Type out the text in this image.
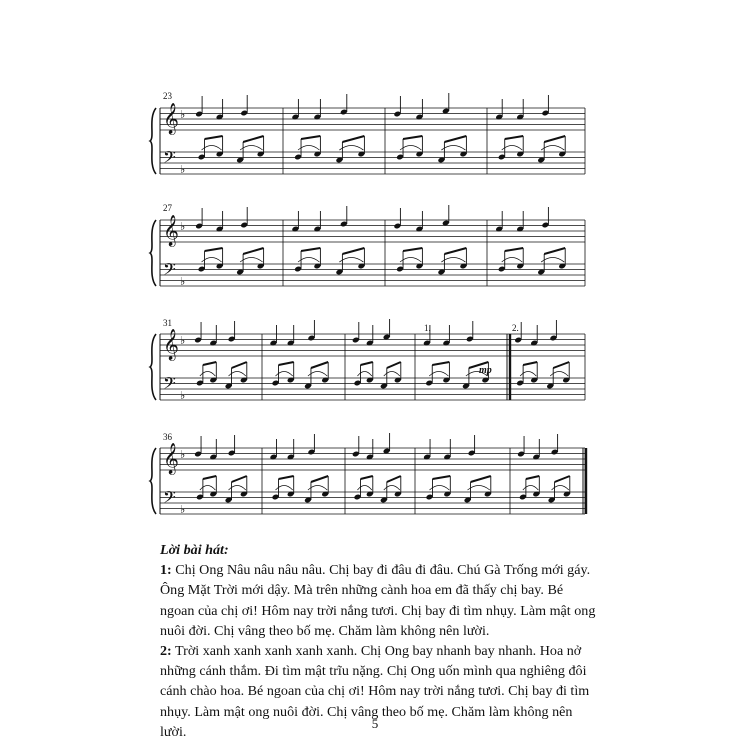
𝄞
𝄢
♭
♭
𝄞
𝄢
♭
♭
𝄞
𝄢
♭
♭
𝄞
𝄢
♭
♭
23
27
31
36
1.	2.
mp

Lời bài hát:

1: Chị Ong Nâu nâu nâu nâu. Chị bay đi đâu đi đâu. Chú Gà Trống mới gáy. Ông Mặt Trời mới dậy. Mà trên những cành hoa em đã thấy chị bay. Bé ngoan của chị ơi! Hôm nay trời nắng tươi. Chị bay đi tìm nhụy. Làm mật ong nuôi đời. Chị vâng theo bố mẹ. Chăm làm không nên lười.

2: Trời xanh xanh xanh xanh xanh. Chị Ong bay nhanh bay nhanh. Hoa nở những cánh thắm. Đi tìm mật trĩu nặng. Chị Ong uốn mình qua nghiêng đôi cánh chào hoa. Bé ngoan của chị ơi! Hôm nay trời nắng tươi. Chị bay đi tìm nhụy. Làm mật ong nuôi đời. Chị vâng theo bố mẹ. Chăm làm không nên lười.

5
